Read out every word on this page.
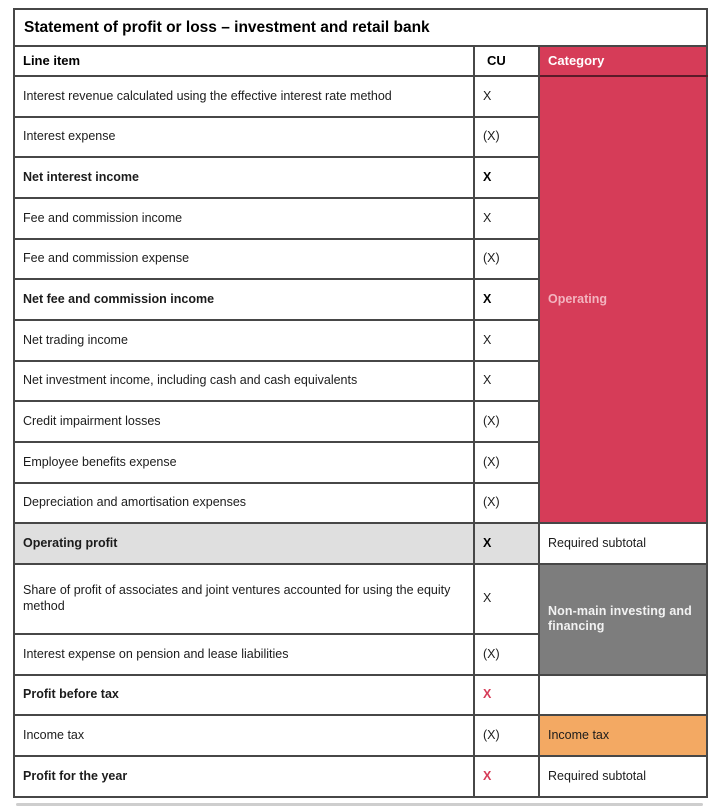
Statement of profit or loss – investment and retail bank		
Line item	CU	Category
Interest revenue calculated using the effective interest rate method	X	Operating
Interest expense	(X)	
Net interest income	X	
Fee and commission income	X	
Fee and commission expense	(X)	
Net fee and commission income	X	
Net trading income	X	
Net investment income, including cash and cash equivalents	X	
Credit impairment losses	(X)	
Employee benefits expense	(X)	
Depreciation and amortisation expenses	(X)	
Operating profit	X	Required subtotal
Share of profit of associates and joint ventures accounted for using the equity method	X	Non-main investing and financing
Interest expense on pension and lease liabilities	(X)	
Profit before tax	X	
Income tax	(X)	Income tax
Profit for the year	X	Required subtotal
